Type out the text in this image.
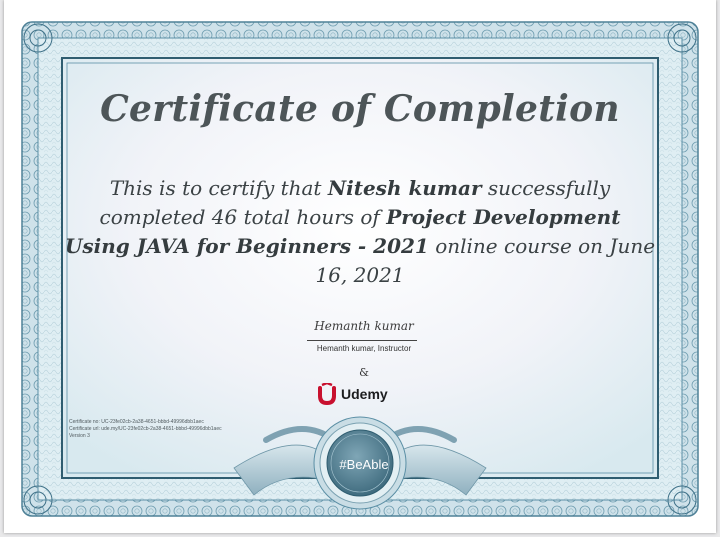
Certificate of Completion
This is to certify that Nitesh kumar successfully completed 46 total hours of Project Development Using JAVA for Beginners - 2021 online course on June 16, 2021
Hemanth kumar
Hemanth kumar, Instructor
&
Udemy
Certificate no: UC-23fe02cb-2a38-4651-bbbd-49996dbb1aec
Certificate url: ude.my/UC-23fe02cb-2a38-4651-bbbd-49996dbb1aec
Version 3
#BeAble
